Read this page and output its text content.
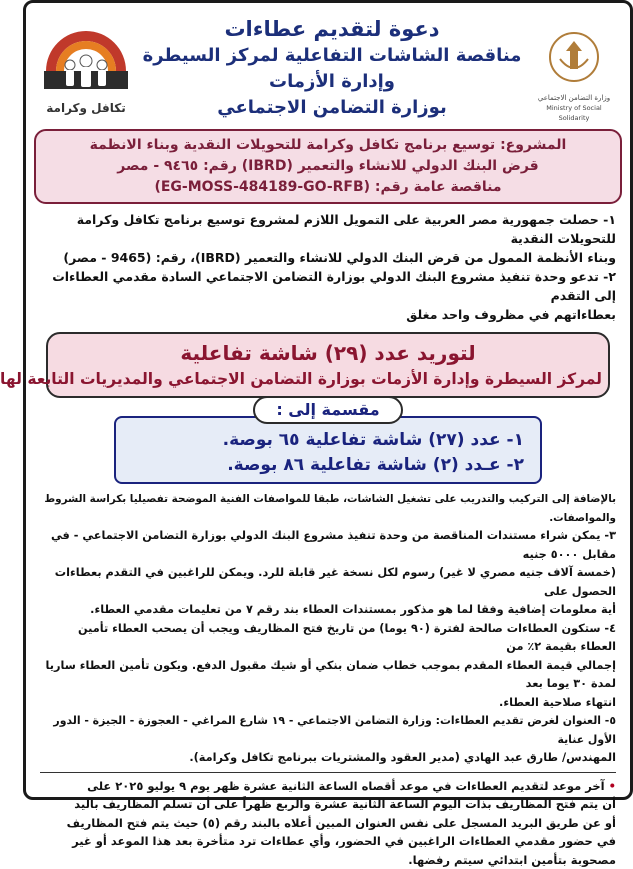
تكافل وكرامة
دعوة لتقديم عطاءات
مناقصة الشاشات التفاعلية لمركز السيطرة وإدارة الأزمات
بوزارة التضامن الاجتماعي	وزارة التضامن الاجتماعي
Ministry of Social Solidarity
المشروع: توسيع برنامج تكافل وكرامة للتحويلات النقدية وبناء الانظمة
قرض البنك الدولي للانشاء والتعمير (IBRD) رقم: ٩٤٦٥ - مصر
مناقصة عامة رقم: (EG-MOSS-484189-GO-RFB)
١- حصلت جمهورية مصر العربية على التمويل اللازم لمشروع توسيع برنامج تكافل وكرامة للتحويلات النقدية
وبناء الأنظمة الممول من قرض البنك الدولي للانشاء والتعمير (IBRD)، رقم: (9465 - مصر)
٢- تدعو وحدة تنفيذ مشروع البنك الدولي بوزارة التضامن الاجتماعي السادة مقدمي العطاءات إلى التقدم
بعطاءاتهم في مظروف واحد مغلق
لتوريد عدد (٢٩) شاشة تفاعلية
لمركز السيطرة وإدارة الأزمات بوزارة التضامن الاجتماعي والمديريات التابعة لها
مقسمة إلى :
١- عدد (٢٧) شاشة تفاعلية ٦٥ بوصة.
٢- عـدد (٢) شاشة تفاعلية ٨٦ بوصة.
بالإضافة إلى التركيب والتدريب على تشغيل الشاشات، طبقا للمواصفات الفنية الموضحة تفصيليا بكراسة الشروط والمواصفات.
٣- يمكن شراء مستندات المناقصة من وحدة تنفيذ مشروع البنك الدولي بوزارة التضامن الاجتماعي - في مقابل ٥٠٠٠ جنيه
(خمسة آلاف جنيه مصري لا غير) رسوم لكل نسخة غير قابلة للرد. ويمكن للراغبين في التقدم بعطاءات الحصول على
أية معلومات إضافية وفقا لما هو مذكور بمستندات العطاء بند رقم ٧ من تعليمات مقدمي العطاء.
٤- ستكون العطاءات صالحة لفترة (٩٠ يوما) من تاريخ فتح المظاريف ويجب أن يصحب العطاء تأمين العطاء بقيمة ٢٪ من
إجمالي قيمة العطاء المقدم بموجب خطاب ضمان بنكي أو شيك مقبول الدفع. ويكون تأمين العطاء ساريا لمدة ٣٠ يوما بعد
انتهاء صلاحية العطاء.
٥- العنوان لغرض تقديم العطاءات: وزارة التضامن الاجتماعي - ١٩ شارع المراغي - العجوزة - الجيزة - الدور الأول عناية
المهندس/ طارق عبد الهادي (مدير العقود والمشتريات ببرنامج تكافل وكرامة).
• آخر موعد لتقديم العطاءات في موعد أقصاه الساعة الثانية عشرة ظهر يوم ٩ يوليو ٢٠٢٥ على
أن يتم فتح المظاريف بذات اليوم الساعة الثانية عشرة والربع ظهراً على أن تسلم المظاريف باليد
أو عن طريق البريد المسجل على نفس العنوان المبين أعلاه بالبند رقم (٥) حيث يتم فتح المظاريف
في حضور مقدمي العطاءات الراغبين في الحضور، وأي عطاءات ترد متأخرة بعد هذا الموعد أو غير
مصحوبة بتأمين ابتدائي سيتم رفضها.
